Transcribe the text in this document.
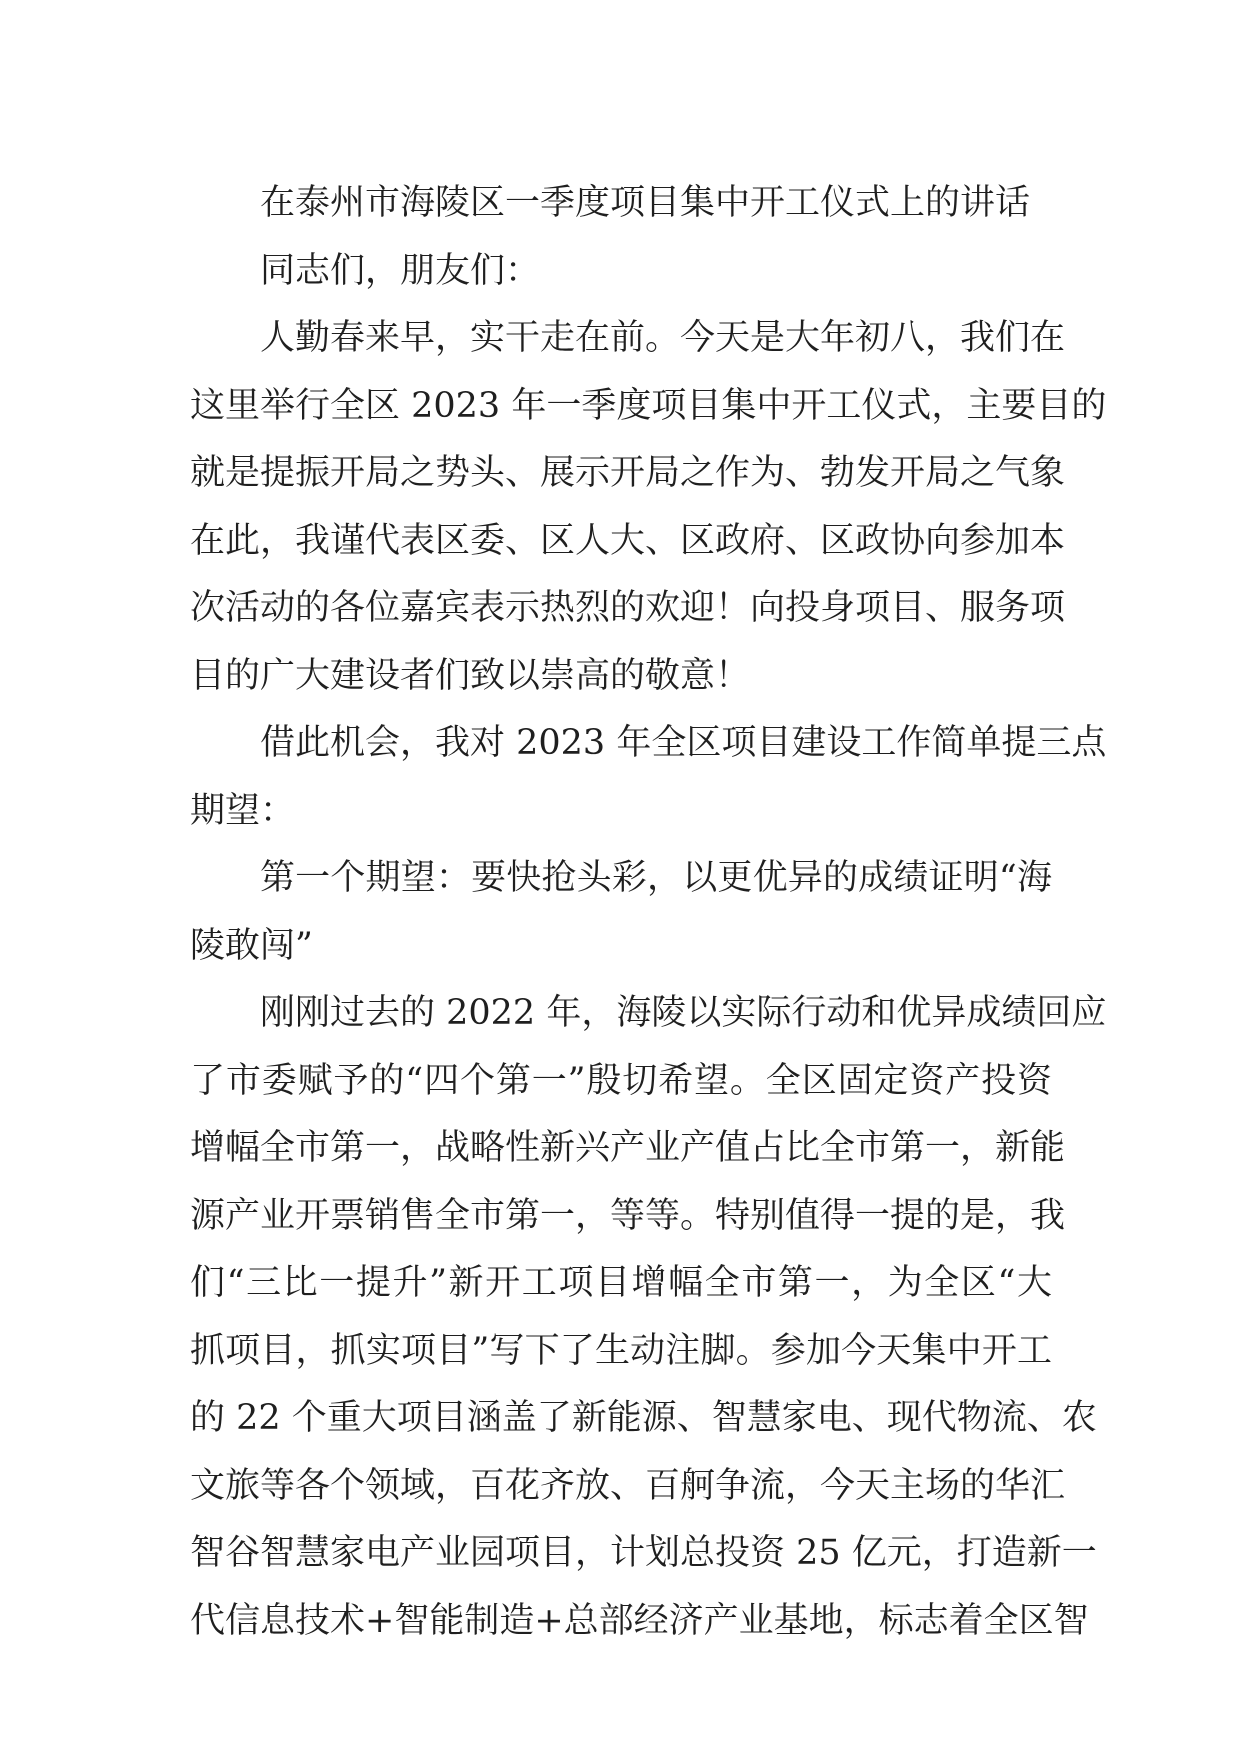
在泰州市海陵区一季度项目集中开工仪式上的讲话
同志们，朋友们：
人勤春来早，实干走在前。今天是大年初八，我们在
这里举行全区 2023 年一季度项目集中开工仪式，主要目的
就是提振开局之势头、展示开局之作为、勃发开局之气象
在此，我谨代表区委、区人大、区政府、区政协向参加本
次活动的各位嘉宾表示热烈的欢迎！向投身项目、服务项
目的广大建设者们致以崇高的敬意！
借此机会，我对 2023 年全区项目建设工作简单提三点
期望：
第一个期望：要快抢头彩，以更优异的成绩证明“海
陵敢闯”
刚刚过去的 2022 年，海陵以实际行动和优异成绩回应
了市委赋予的“四个第一”殷切希望。全区固定资产投资
增幅全市第一，战略性新兴产业产值占比全市第一，新能
源产业开票销售全市第一，等等。特别值得一提的是，我
们“三比一提升”新开工项目增幅全市第一，为全区“大
抓项目，抓实项目”写下了生动注脚。参加今天集中开工
的 22 个重大项目涵盖了新能源、智慧家电、现代物流、农
文旅等各个领域，百花齐放、百舸争流，今天主场的华汇
智谷智慧家电产业园项目，计划总投资 25 亿元，打造新一
代信息技术+智能制造+总部经济产业基地，标志着全区智
